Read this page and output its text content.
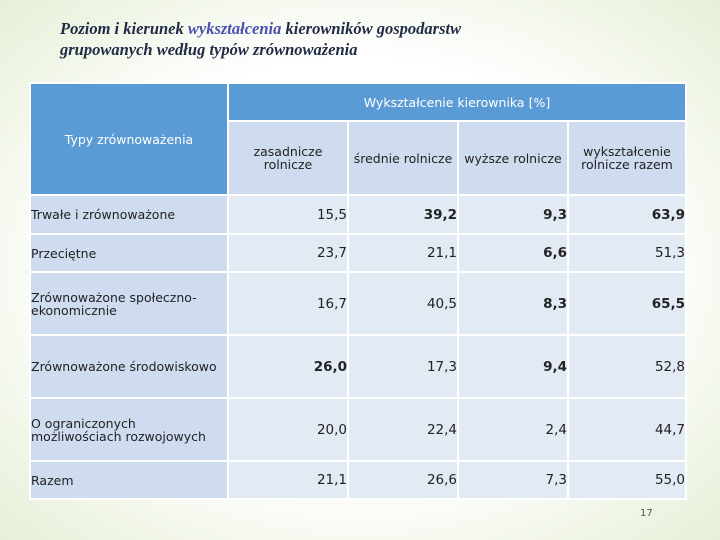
Poziom i kierunek wykształcenia kierowników gospodarstw
grupowanych według typów zrównoważenia
Typy zrównoważenia	Wykształcenie kierownika [%]			
	zasadnicze rolnicze	średnie rolnicze	wyższe rolnicze	wykształcenie rolnicze razem
Trwałe i zrównoważone	15,5	39,2	9,3	63,9
Przeciętne	23,7	21,1	6,6	51,3
Zrównoważone społeczno-ekonomicznie	16,7	40,5	8,3	65,5
Zrównoważone środowiskowo	26,0	17,3	9,4	52,8
O ograniczonych możliwościach rozwojowych	20,0	22,4	2,4	44,7
Razem	21,1	26,6	7,3	55,0
17
